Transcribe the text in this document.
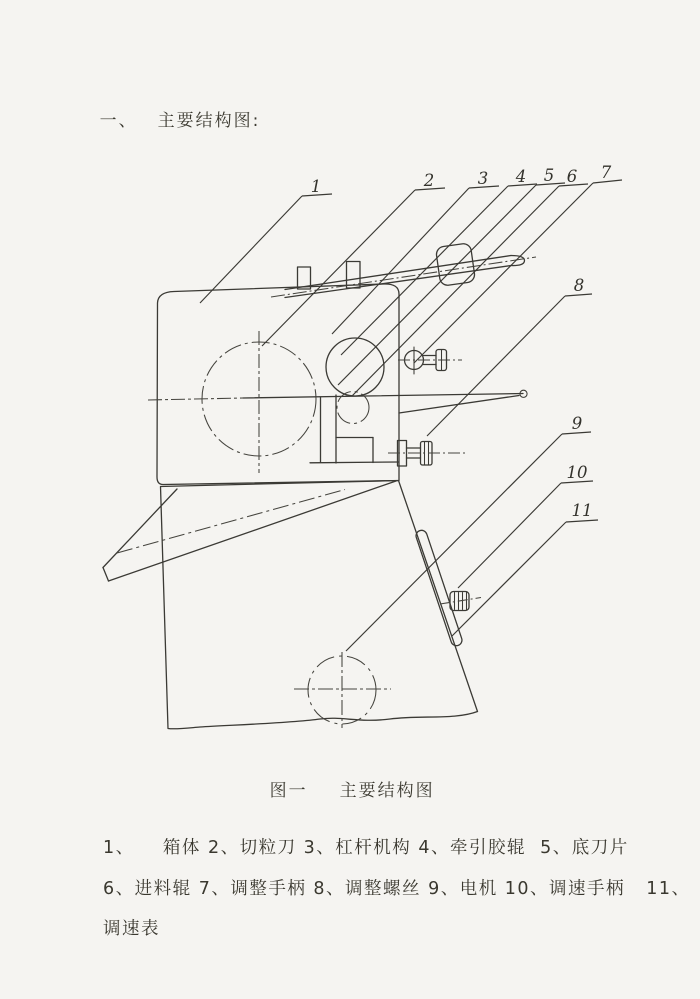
一、 主要结构图:

1	2	3 4 5 6 7
8
9
10
11

图一 主要结构图

1、    箱体 2、切粒刀 3、杠杆机构 4、牵引胶辊  5、底刀片
6、进料辊 7、调整手柄 8、调整螺丝 9、电机 10、调速手柄   11、
调速表
